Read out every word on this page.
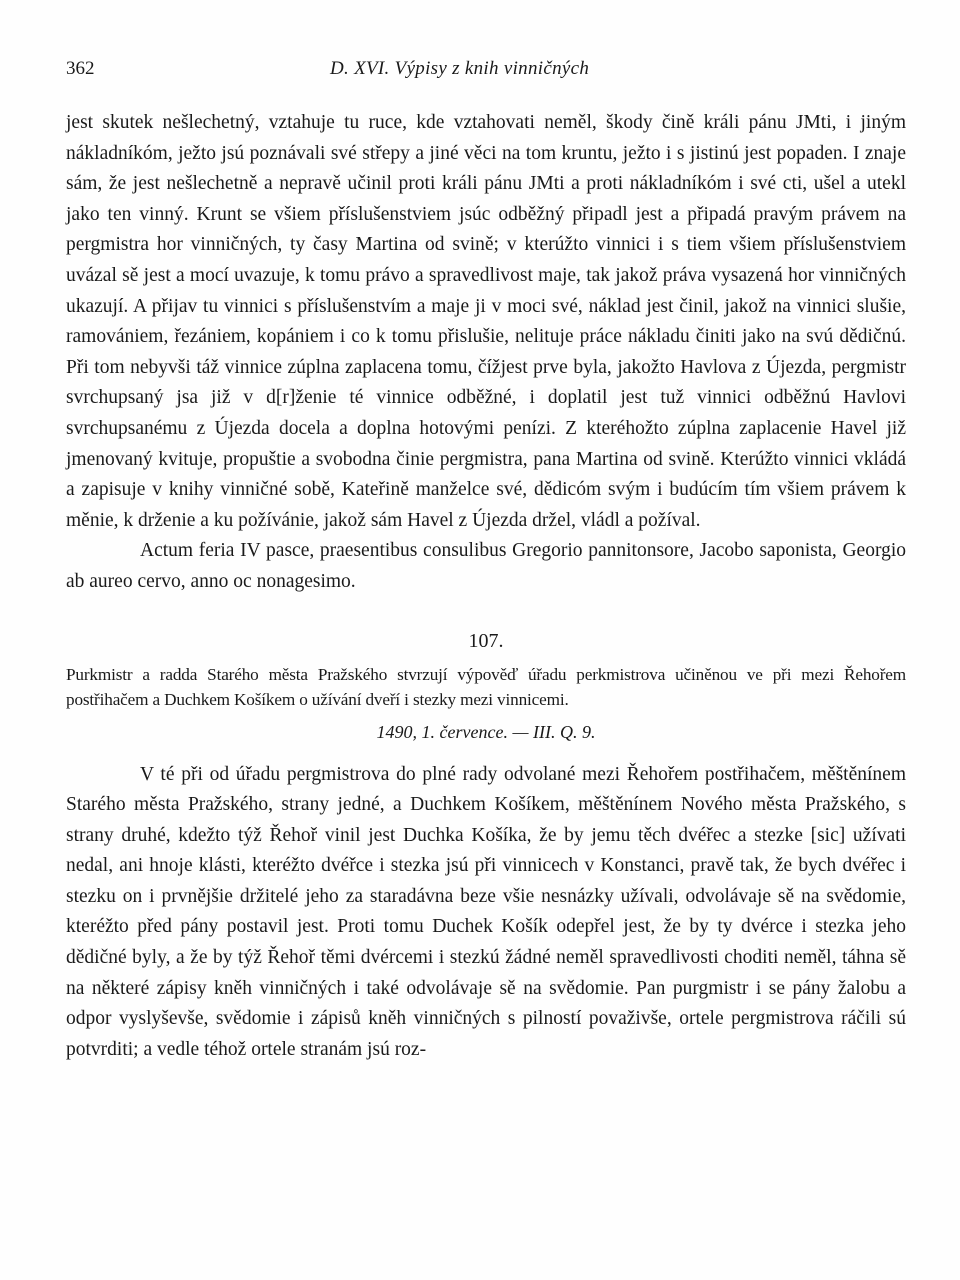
362	D. XVI. Výpisy z knih vinničných

jest skutek nešlechetný, vztahuje tu ruce, kde vztahovati neměl, škody čině králi pánu JMti, i jiným nákladníkóm, ježto jsú poznávali své střepy a jiné věci na tom kruntu, ježto i s jistinú jest popaden. I znaje sám, že jest nešlechetně a nepravě učinil proti králi pánu JMti a proti nákladníkóm i své cti, ušel a utekl jako ten vinný. Krunt se všiem příslušenstviem jsúc odběžný připadl jest a připadá pravým právem na pergmistra hor vinničných, ty časy Martina od svině; v kterúžto vinnici i s tiem všiem příslušenstviem uvázal sě jest a mocí uvazuje, k tomu právo a spravedlivost maje, tak jakož práva vysazená hor vinničných ukazují. A přijav tu vinnici s příslušenstvím a maje ji v moci své, náklad jest činil, jakož na vinnici slušie, ramovániem, řezániem, kopániem i co k tomu přislušie, nelituje práce nákladu činiti jako na svú dědičnú. Při tom nebyvši táž vinnice zúplna zaplacena tomu, čížjest prve byla, jakožto Havlova z Újezda, pergmistr svrchupsaný jsa již v d[r]ženie té vinnice odběžné, i doplatil jest tuž vinnici odběžnú Havlovi svrchupsanému z Újezda docela a doplna hotovými penízi. Z kteréhožto zúplna zaplacenie Havel již jmenovaný kvituje, propuštie a svobodna činie pergmistra, pana Martina od svině. Kterúžto vinnici vkládá a zapisuje v knihy vinničné sobě, Kateřině manželce své, dědicóm svým i budúcím tím všiem právem k měnie, k drženie a ku požívánie, jakož sám Havel z Újezda držel, vládl a požíval.

Actum feria IV pasce, praesentibus consulibus Gregorio pannitonsore, Jacobo saponista, Georgio ab aureo cervo, anno oc nonagesimo.

107.

Purkmistr a radda Starého města Pražského stvrzují výpověď úřadu perkmistrova učiněnou ve při mezi Řehořem postřihačem a Duchkem Košíkem o užívání dveří i stezky mezi vinnicemi.

1490, 1. července. — III. Q. 9.

V té při od úřadu pergmistrova do plné rady odvolané mezi Řehořem postřihačem, měštěnínem Starého města Pražského, strany jedné, a Duchkem Košíkem, měštěnínem Nového města Pražského, s strany druhé, kdežto týž Řehoř vinil jest Duchka Košíka, že by jemu těch dvéřec a stezke [sic] užívati nedal, ani hnoje klásti, kteréžto dvéřce i stezka jsú při vinnicech v Konstanci, pravě tak, že bych dvéřec i stezku on i prvnějšie držitelé jeho za staradávna beze všie nesnázky užívali, odvolávaje sě na svědomie, kteréžto před pány postavil jest. Proti tomu Duchek Košík odepřel jest, že by ty dvérce i stezka jeho dědičné byly, a že by týž Řehoř těmi dvércemi i stezkú žádné neměl spravedlivosti choditi neměl, táhna sě na některé zápisy kněh vinničných i také odvolávaje sě na svědomie. Pan purgmistr i se pány žalobu a odpor vyslyševše, svědomie i zápisů kněh vinničných s pilností považivše, ortele pergmistrova ráčili sú potvrditi; a vedle téhož ortele stranám jsú roz-
